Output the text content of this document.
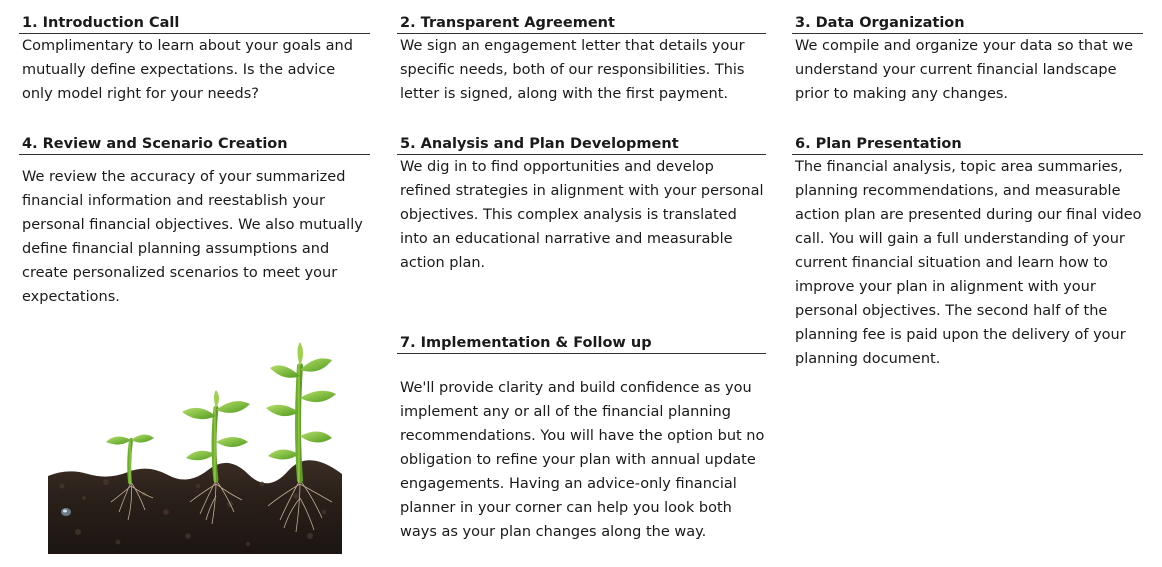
1. Introduction Call

Complimentary to learn about your goals and mutually define expectations. Is the advice only model right for your needs?

2. Transparent Agreement

We sign an engagement letter that details your specific needs, both of our responsibilities. This letter is signed, along with the first payment.

3. Data Organization

We compile and organize your data so that we understand your current financial landscape prior to making any changes.

4. Review and Scenario Creation

We review the accuracy of your summarized financial information and reestablish your personal financial objectives. We also mutually define financial planning assumptions and create personalized scenarios to meet your expectations.

5. Analysis and Plan Development

We dig in to find opportunities and develop refined strategies in alignment with your personal objectives. This complex analysis is translated into an educational narrative and measurable action plan.

6. Plan Presentation

The financial analysis, topic area summaries, planning recommendations, and measurable action plan are presented during our final video call. You will gain a full understanding of your current financial situation and learn how to improve your plan in alignment with your personal objectives. The second half of the planning fee is paid upon the delivery of your planning document.

7. Implementation & Follow up

We'll provide clarity and build confidence as you implement any or all of the financial planning recommendations. You will have the option but no obligation to refine your plan with annual update engagements. Having an advice-only financial planner in your corner can help you look both ways as your plan changes along the way.
